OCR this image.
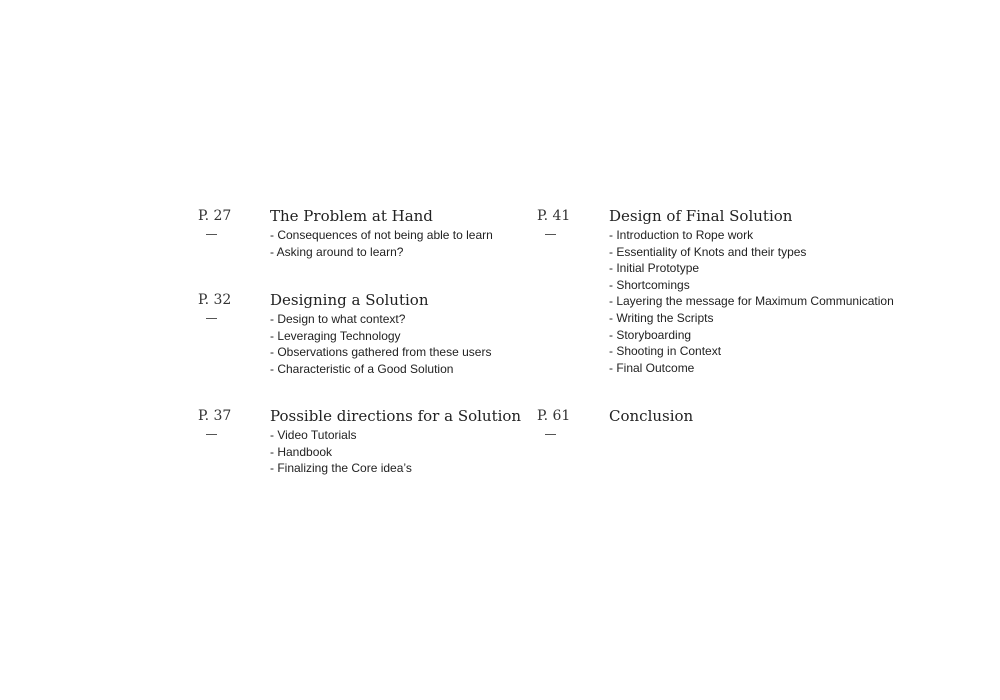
P. 27	The Problem at Hand
- Consequences of not being able to learn
- Asking around to learn?
P. 32	Designing a Solution
- Design to what context?
- Leveraging Technology
- Observations gathered from these users
- Characteristic of a Good Solution
P. 37	Possible directions for a Solution
- Video Tutorials
- Handbook
- Finalizing the Core idea’s
P. 41	Design of Final Solution
- Introduction to Rope work
- Essentiality of Knots and their types
- Initial Prototype
- Shortcomings
- Layering the message for Maximum Communication
- Writing the Scripts
- Storyboarding
- Shooting in Context
- Final Outcome
P. 61	Conclusion
